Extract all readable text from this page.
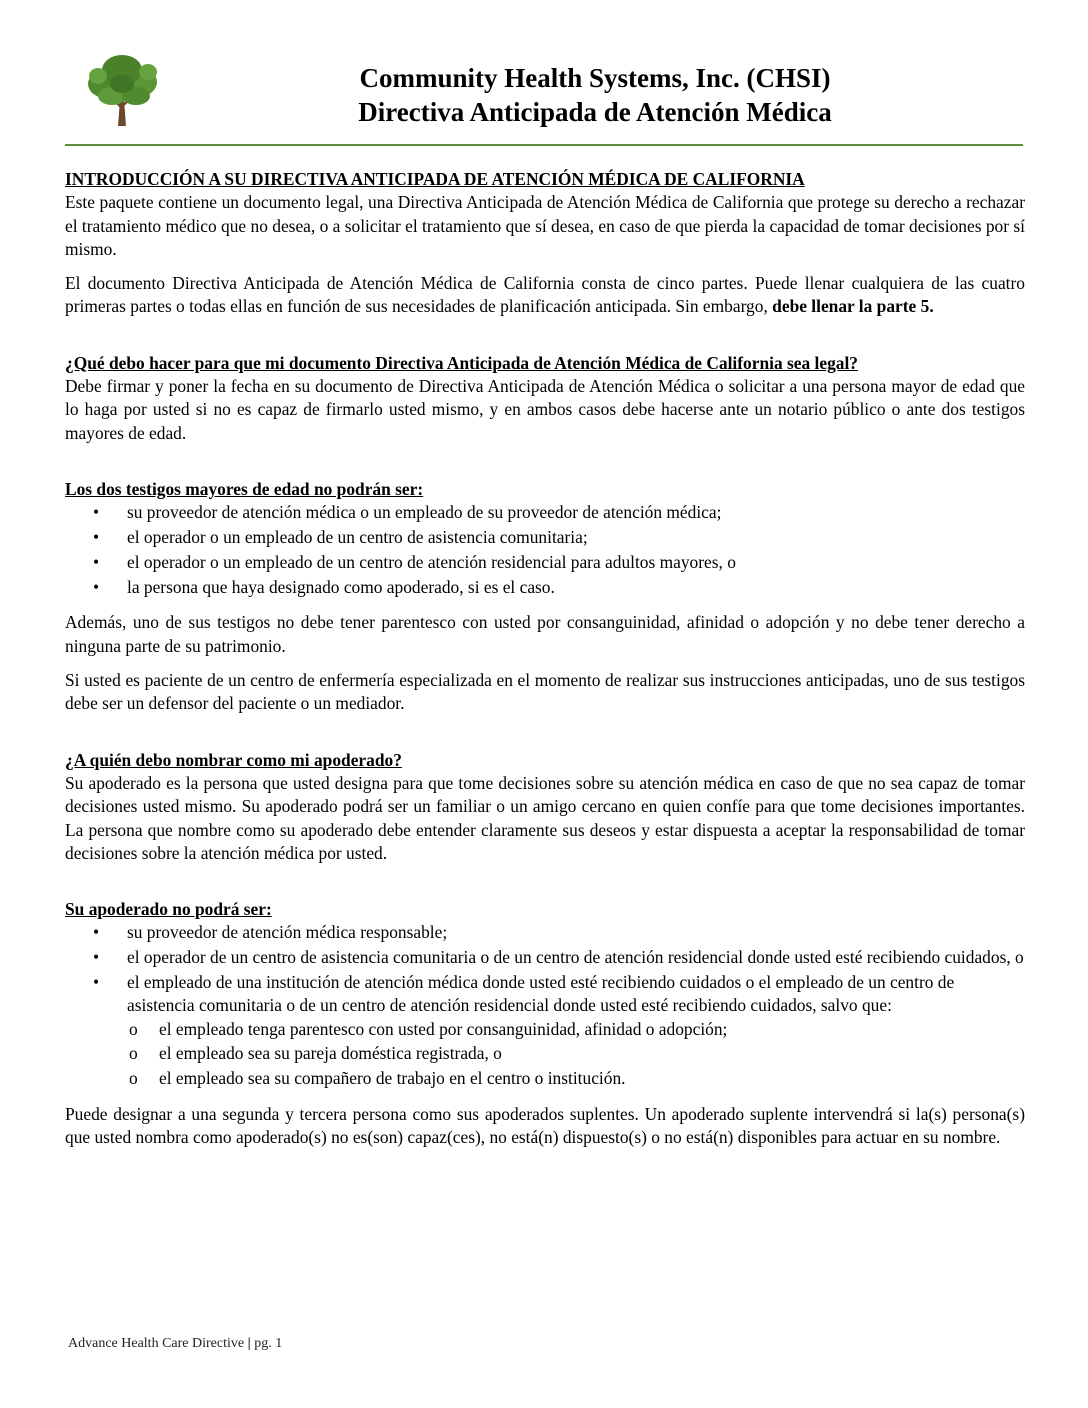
Community Health Systems, Inc. (CHSI)
Directiva Anticipada de Atención Médica

INTRODUCCIÓN A SU DIRECTIVA ANTICIPADA DE ATENCIÓN MÉDICA DE CALIFORNIA

Este paquete contiene un documento legal, una Directiva Anticipada de Atención Médica de California que protege su derecho a rechazar el tratamiento médico que no desea, o a solicitar el tratamiento que sí desea, en caso de que pierda la capacidad de tomar decisiones por sí mismo.

El documento Directiva Anticipada de Atención Médica de California consta de cinco partes. Puede llenar cualquiera de las cuatro primeras partes o todas ellas en función de sus necesidades de planificación anticipada. Sin embargo, debe llenar la parte 5.

¿Qué debo hacer para que mi documento Directiva Anticipada de Atención Médica de California sea legal?

Debe firmar y poner la fecha en su documento de Directiva Anticipada de Atención Médica o solicitar a una persona mayor de edad que lo haga por usted si no es capaz de firmarlo usted mismo, y en ambos casos debe hacerse ante un notario público o ante dos testigos mayores de edad.

Los dos testigos mayores de edad no podrán ser:

• su proveedor de atención médica o un empleado de su proveedor de atención médica;
• el operador o un empleado de un centro de asistencia comunitaria;
• el operador o un empleado de un centro de atención residencial para adultos mayores, o
• la persona que haya designado como apoderado, si es el caso.

Además, uno de sus testigos no debe tener parentesco con usted por consanguinidad, afinidad o adopción y no debe tener derecho a ninguna parte de su patrimonio.

Si usted es paciente de un centro de enfermería especializada en el momento de realizar sus instrucciones anticipadas, uno de sus testigos debe ser un defensor del paciente o un mediador.

¿A quién debo nombrar como mi apoderado?

Su apoderado es la persona que usted designa para que tome decisiones sobre su atención médica en caso de que no sea capaz de tomar decisiones usted mismo. Su apoderado podrá ser un familiar o un amigo cercano en quien confíe para que tome decisiones importantes. La persona que nombre como su apoderado debe entender claramente sus deseos y estar dispuesta a aceptar la responsabilidad de tomar decisiones sobre la atención médica por usted.

Su apoderado no podrá ser:

• su proveedor de atención médica responsable;
• el operador de un centro de asistencia comunitaria o de un centro de atención residencial donde usted esté recibiendo cuidados, o
• el empleado de una institución de atención médica donde usted esté recibiendo cuidados o el empleado de un centro de asistencia comunitaria o de un centro de atención residencial donde usted esté recibiendo cuidados, salvo que:
o el empleado tenga parentesco con usted por consanguinidad, afinidad o adopción;
o el empleado sea su pareja doméstica registrada, o
o el empleado sea su compañero de trabajo en el centro o institución.

Puede designar a una segunda y tercera persona como sus apoderados suplentes. Un apoderado suplente intervendrá si la(s) persona(s) que usted nombra como apoderado(s) no es(son) capaz(ces), no está(n) dispuesto(s) o no está(n) disponibles para actuar en su nombre.

Advance Health Care Directive | pg. 1
